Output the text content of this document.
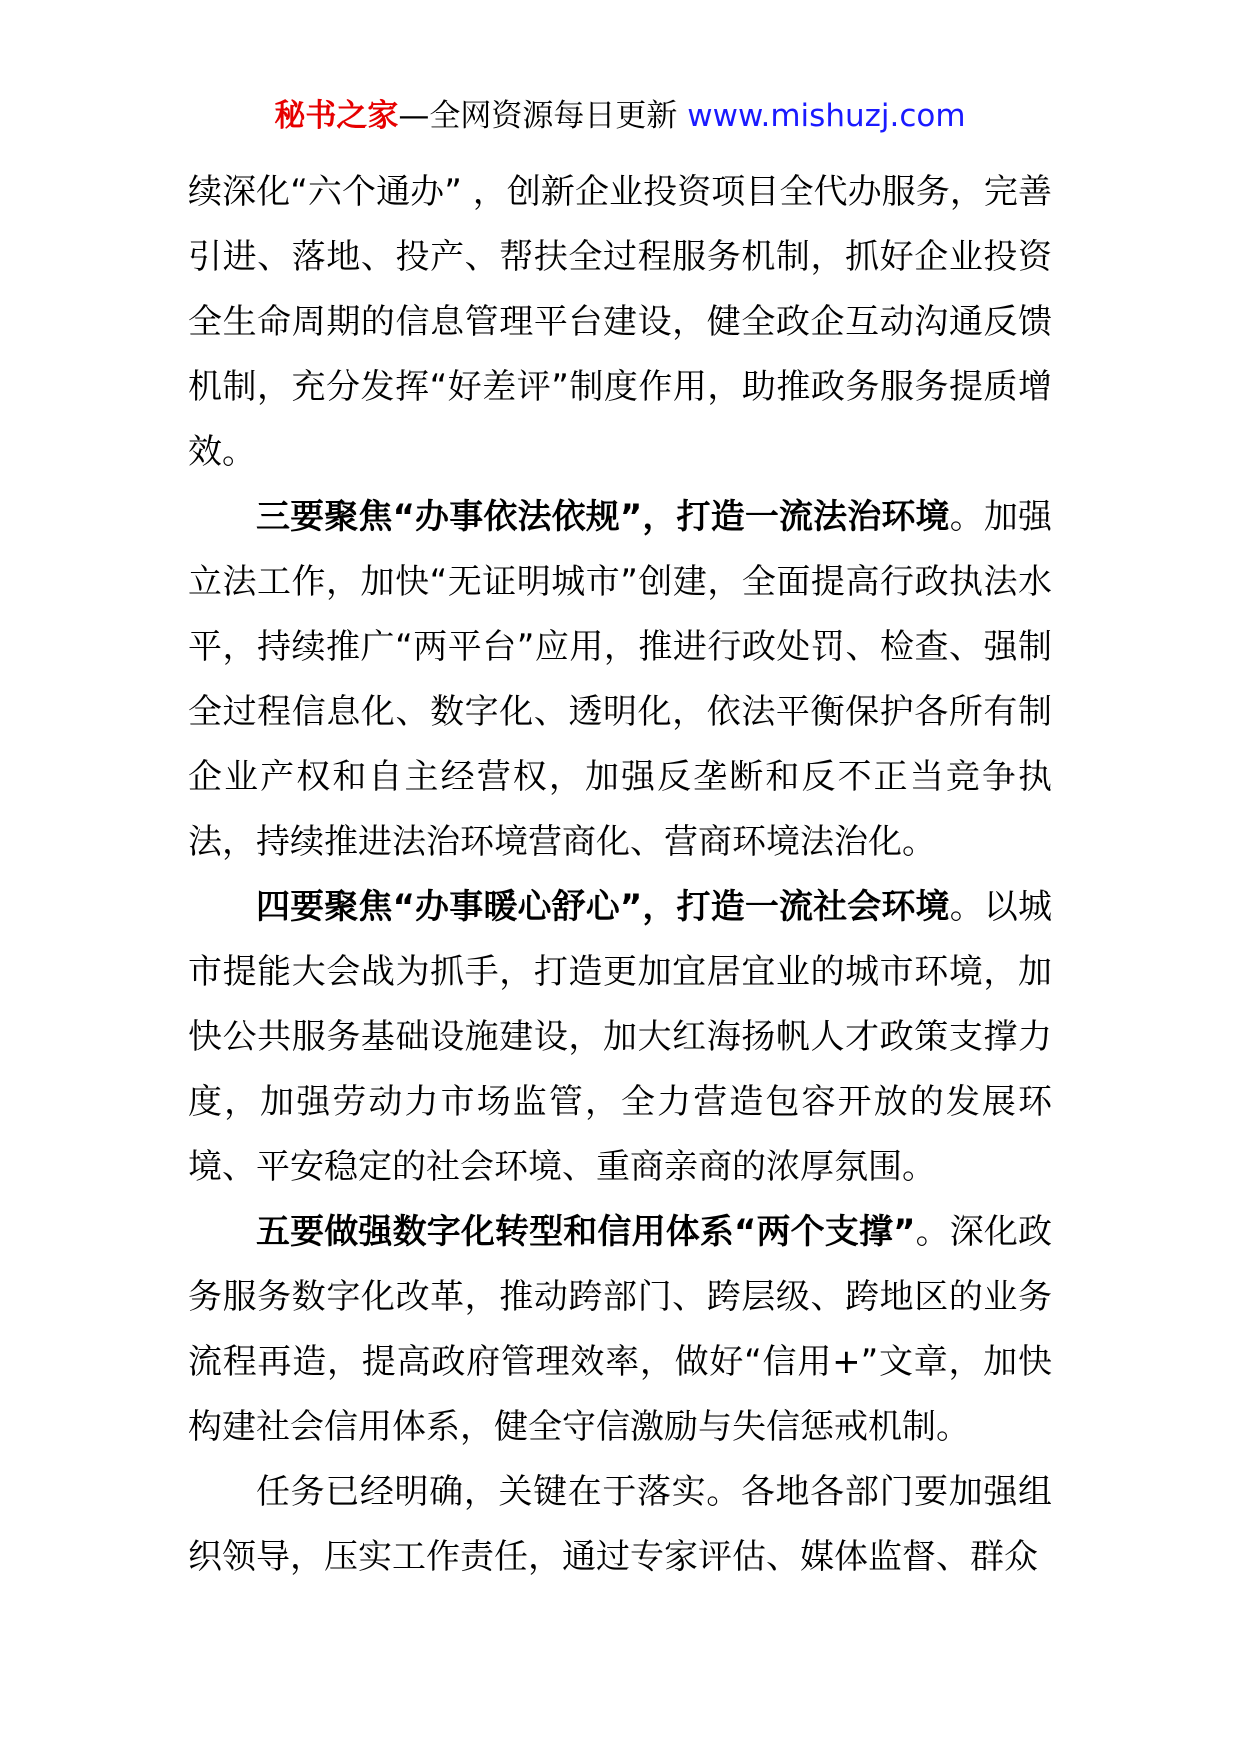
秘书之家—全网资源每日更新 www.mishuzj.com

续深化“六个通办” ，创新企业投资项目全代办服务，完善引进、落地、投产、帮扶全过程服务机制，抓好企业投资全生命周期的信息管理平台建设，健全政企互动沟通反馈机制，充分发挥“好差评”制度作用，助推政务服务提质增效。

三要聚焦“办事依法依规”，打造一流法治环境。加强立法工作，加快“无证明城市”创建，全面提高行政执法水平，持续推广“两平台”应用，推进行政处罚、检查、强制全过程信息化、数字化、透明化，依法平衡保护各所有制企业产权和自主经营权，加强反垄断和反不正当竞争执法，持续推进法治环境营商化、营商环境法治化。

四要聚焦“办事暖心舒心”，打造一流社会环境。以城市提能大会战为抓手，打造更加宜居宜业的城市环境，加快公共服务基础设施建设，加大红海扬帆人才政策支撑力度，加强劳动力市场监管，全力营造包容开放的发展环境、平安稳定的社会环境、重商亲商的浓厚氛围。

五要做强数字化转型和信用体系“两个支撑”。深化政务服务数字化改革，推动跨部门、跨层级、跨地区的业务流程再造，提高政府管理效率，做好“信用+”文章，加快构建社会信用体系，健全守信激励与失信惩戒机制。

任务已经明确，关键在于落实。各地各部门要加强组织领导，压实工作责任，通过专家评估、媒体监督、群众
